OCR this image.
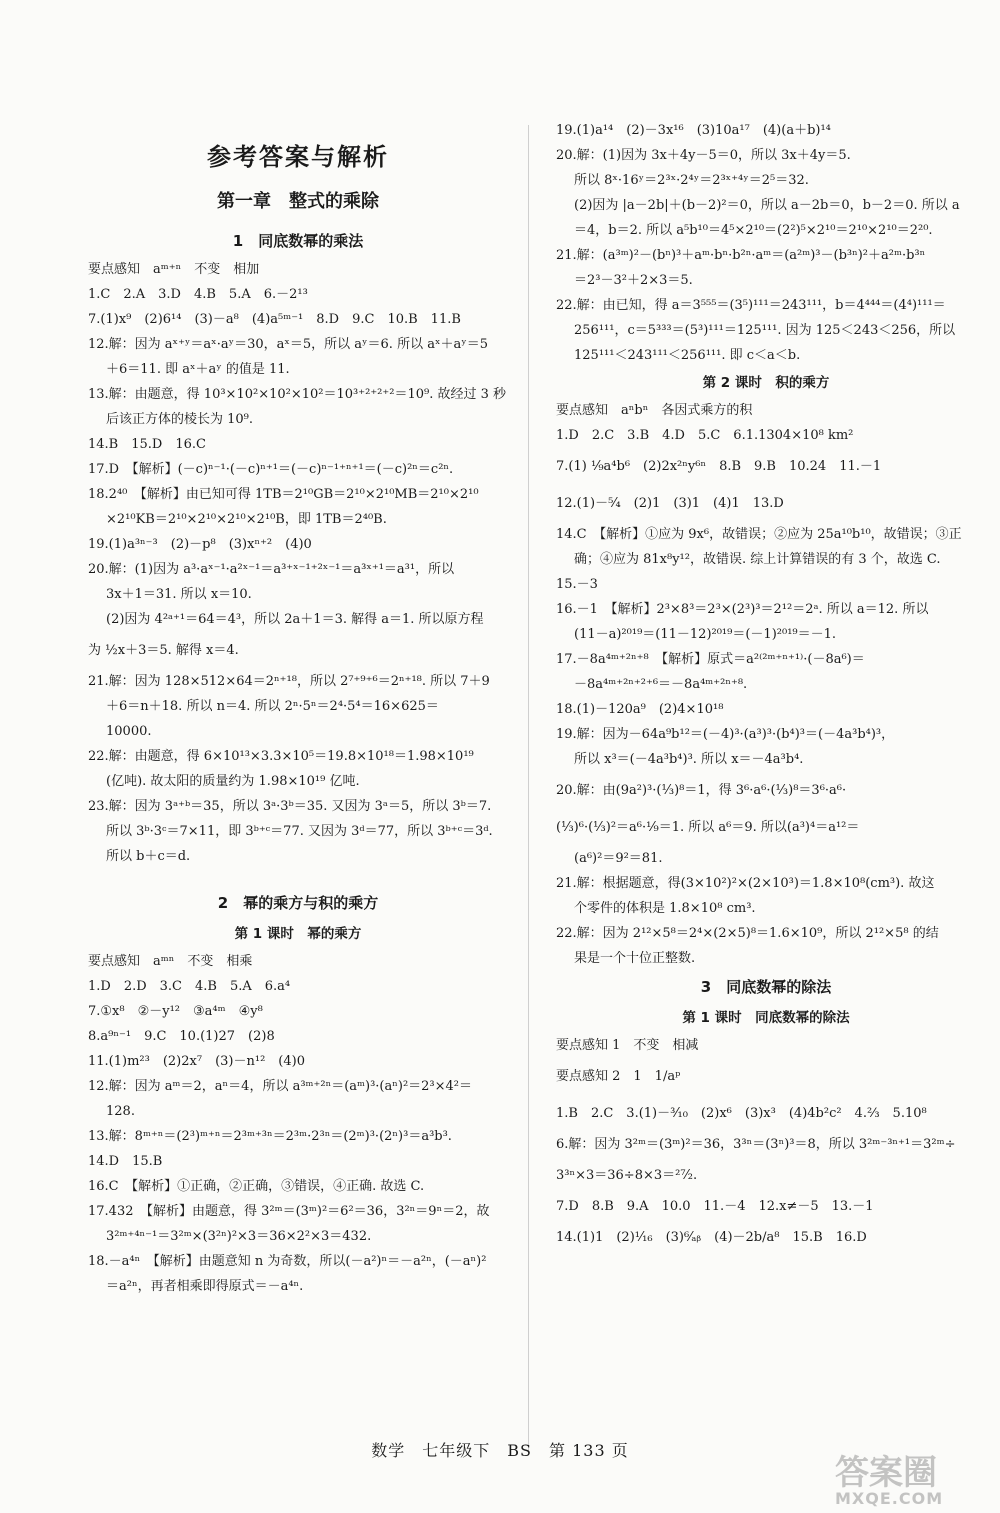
参考答案与解析
第一章　整式的乘除
1　同底数幂的乘法
要点感知　aᵐ⁺ⁿ　不变　相加
1.C　2.A　3.D　4.B　5.A　6.－2¹³
7.(1)x⁹　(2)6¹⁴　(3)－a⁸　(4)a⁵ᵐ⁻¹　8.D　9.C　10.B　11.B
12.解：因为 aˣ⁺ʸ＝aˣ·aʸ＝30，aˣ＝5，所以 aʸ＝6. 所以 aˣ＋aʸ＝5
＋6＝11. 即 aˣ＋aʸ 的值是 11.
13.解：由题意，得 10³×10²×10²×10²＝10³⁺²⁺²⁺²＝10⁹. 故经过 3 秒
后该正方体的棱长为 10⁹.
14.B　15.D　16.C
17.D　【解析】(－c)ⁿ⁻¹·(－c)ⁿ⁺¹＝(－c)ⁿ⁻¹⁺ⁿ⁺¹＝(－c)²ⁿ＝c²ⁿ.
18.2⁴⁰　【解析】由已知可得 1TB＝2¹⁰GB＝2¹⁰×2¹⁰MB＝2¹⁰×2¹⁰
×2¹⁰KB＝2¹⁰×2¹⁰×2¹⁰×2¹⁰B，即 1TB＝2⁴⁰B.
19.(1)a³ⁿ⁻³　(2)－p⁸　(3)xⁿ⁺²　(4)0
20.解：(1)因为 a³·aˣ⁻¹·a²ˣ⁻¹＝a³⁺ˣ⁻¹⁺²ˣ⁻¹＝a³ˣ⁺¹＝a³¹，所以
3x＋1＝31. 所以 x＝10.
(2)因为 4²ᵃ⁺¹＝64＝4³，所以 2a＋1＝3. 解得 a＝1. 所以原方程
为 ½x＋3＝5. 解得 x＝4.
21.解：因为 128×512×64＝2ⁿ⁺¹⁸，所以 2⁷⁺⁹⁺⁶＝2ⁿ⁺¹⁸. 所以 7＋9
＋6＝n＋18. 所以 n＝4. 所以 2ⁿ·5ⁿ＝2⁴·5⁴＝16×625＝
10000.
22.解：由题意，得 6×10¹³×3.3×10⁵＝19.8×10¹⁸＝1.98×10¹⁹
(亿吨). 故太阳的质量约为 1.98×10¹⁹ 亿吨.
23.解：因为 3ᵃ⁺ᵇ＝35，所以 3ᵃ·3ᵇ＝35. 又因为 3ᵃ＝5，所以 3ᵇ＝7.
所以 3ᵇ·3ᶜ＝7×11，即 3ᵇ⁺ᶜ＝77. 又因为 3ᵈ＝77，所以 3ᵇ⁺ᶜ＝3ᵈ.
所以 b＋c＝d.
2　幂的乘方与积的乘方
第 1 课时　幂的乘方
要点感知　aᵐⁿ　不变　相乘
1.D　2.D　3.C　4.B　5.A　6.a⁴
7.①x⁸　②－y¹²　③a⁴ᵐ　④y⁸
8.a⁹ⁿ⁻¹　9.C　10.(1)27　(2)8
11.(1)m²³　(2)2x⁷　(3)－n¹²　(4)0
12.解：因为 aᵐ＝2，aⁿ＝4，所以 a³ᵐ⁺²ⁿ＝(aᵐ)³·(aⁿ)²＝2³×4²＝
128.
13.解：8ᵐ⁺ⁿ＝(2³)ᵐ⁺ⁿ＝2³ᵐ⁺³ⁿ＝2³ᵐ·2³ⁿ＝(2ᵐ)³·(2ⁿ)³＝a³b³.
14.D　15.B
16.C　【解析】①正确，②正确，③错误，④正确. 故选 C.
17.432　【解析】由题意，得 3²ᵐ＝(3ᵐ)²＝6²＝36，3²ⁿ＝9ⁿ＝2，故
3²ᵐ⁺⁴ⁿ⁻¹＝3²ᵐ×(3²ⁿ)²×3＝36×2²×3＝432.
18.－a⁴ⁿ　【解析】由题意知 n 为奇数，所以(－a²)ⁿ＝－a²ⁿ，(－aⁿ)²
＝a²ⁿ，再者相乘即得原式＝－a⁴ⁿ.
19.(1)a¹⁴　(2)－3x¹⁶　(3)10a¹⁷　(4)(a＋b)¹⁴
20.解：(1)因为 3x＋4y－5＝0，所以 3x＋4y＝5.
所以 8ˣ·16ʸ＝2³ˣ·2⁴ʸ＝2³ˣ⁺⁴ʸ＝2⁵＝32.
(2)因为 |a－2b|＋(b－2)²＝0，所以 a－2b＝0，b－2＝0. 所以 a
＝4，b＝2. 所以 a⁵b¹⁰＝4⁵×2¹⁰＝(2²)⁵×2¹⁰＝2¹⁰×2¹⁰＝2²⁰.
21.解：(a³ᵐ)²－(bⁿ)³＋aᵐ·bⁿ·b²ⁿ·aᵐ＝(a²ᵐ)³－(b³ⁿ)²＋a²ᵐ·b³ⁿ
＝2³－3²＋2×3＝5.
22.解：由已知，得 a＝3⁵⁵⁵＝(3⁵)¹¹¹＝243¹¹¹，b＝4⁴⁴⁴＝(4⁴)¹¹¹＝
256¹¹¹，c＝5³³³＝(5³)¹¹¹＝125¹¹¹. 因为 125＜243＜256，所以
125¹¹¹＜243¹¹¹＜256¹¹¹. 即 c＜a＜b.
第 2 课时　积的乘方
要点感知　aⁿbⁿ　各因式乘方的积
1.D　2.C　3.B　4.D　5.C　6.1.1304×10⁸ km²
7.(1) ¹⁄₉a⁴b⁶　(2)2x²ⁿy⁶ⁿ　8.B　9.B　10.24　11.－1
12.(1)－⁵⁄₄　(2)1　(3)1　(4)1　13.D
14.C　【解析】①应为 9x⁶，故错误；②应为 25a¹⁰b¹⁰，故错误；③正
确；④应为 81x⁸y¹²，故错误. 综上计算错误的有 3 个，故选 C.
15.－3
16.－1　【解析】2³×8³＝2³×(2³)³＝2¹²＝2ᵃ. 所以 a＝12. 所以
(11－a)²⁰¹⁹＝(11－12)²⁰¹⁹＝(－1)²⁰¹⁹＝－1.
17.－8a⁴ᵐ⁺²ⁿ⁺⁸　【解析】原式＝a²⁽²ᵐ⁺ⁿ⁺¹⁾·(－8a⁶)＝
－8a⁴ᵐ⁺²ⁿ⁺²⁺⁶＝－8a⁴ᵐ⁺²ⁿ⁺⁸.
18.(1)－120a⁹　(2)4×10¹⁸
19.解：因为－64a⁹b¹²＝(－4)³·(a³)³·(b⁴)³＝(－4a³b⁴)³，
所以 x³＝(－4a³b⁴)³. 所以 x＝－4a³b⁴.
20.解：由(9a²)³·(⅓)⁸＝1，得 3⁶·a⁶·(⅓)⁸＝3⁶·a⁶·
(⅓)⁶·(⅓)²＝a⁶·¹⁄₉＝1. 所以 a⁶＝9. 所以(a³)⁴＝a¹²＝
(a⁶)²＝9²＝81.
21.解：根据题意，得(3×10²)²×(2×10³)＝1.8×10⁸(cm³). 故这
个零件的体积是 1.8×10⁸ cm³.
22.解：因为 2¹²×5⁸＝2⁴×(2×5)⁸＝1.6×10⁹，所以 2¹²×5⁸ 的结
果是一个十位正整数.
3　同底数幂的除法
第 1 课时　同底数幂的除法
要点感知 1　不变　相减
要点感知 2　1　1/aᵖ
1.B　2.C　3.(1)－³⁄₁₀　(2)x⁶　(3)x³　(4)4b²c²　4.⅔　5.10⁸
6.解：因为 3²ᵐ＝(3ᵐ)²＝36，3³ⁿ＝(3ⁿ)³＝8，所以 3²ᵐ⁻³ⁿ⁺¹＝3²ᵐ÷
3³ⁿ×3＝36÷8×3＝²⁷⁄₂.
7.D　8.B　9.A　10.0　11.－4　12.x≠－5　13.－1
14.(1)1　(2)¹⁄₁₆　(3)⁶⁄ₐᵦ　(4)－2b/a⁸　15.B　16.D
数学　七年级下　BS　第 133 页
答案圈
MXQE.COM
